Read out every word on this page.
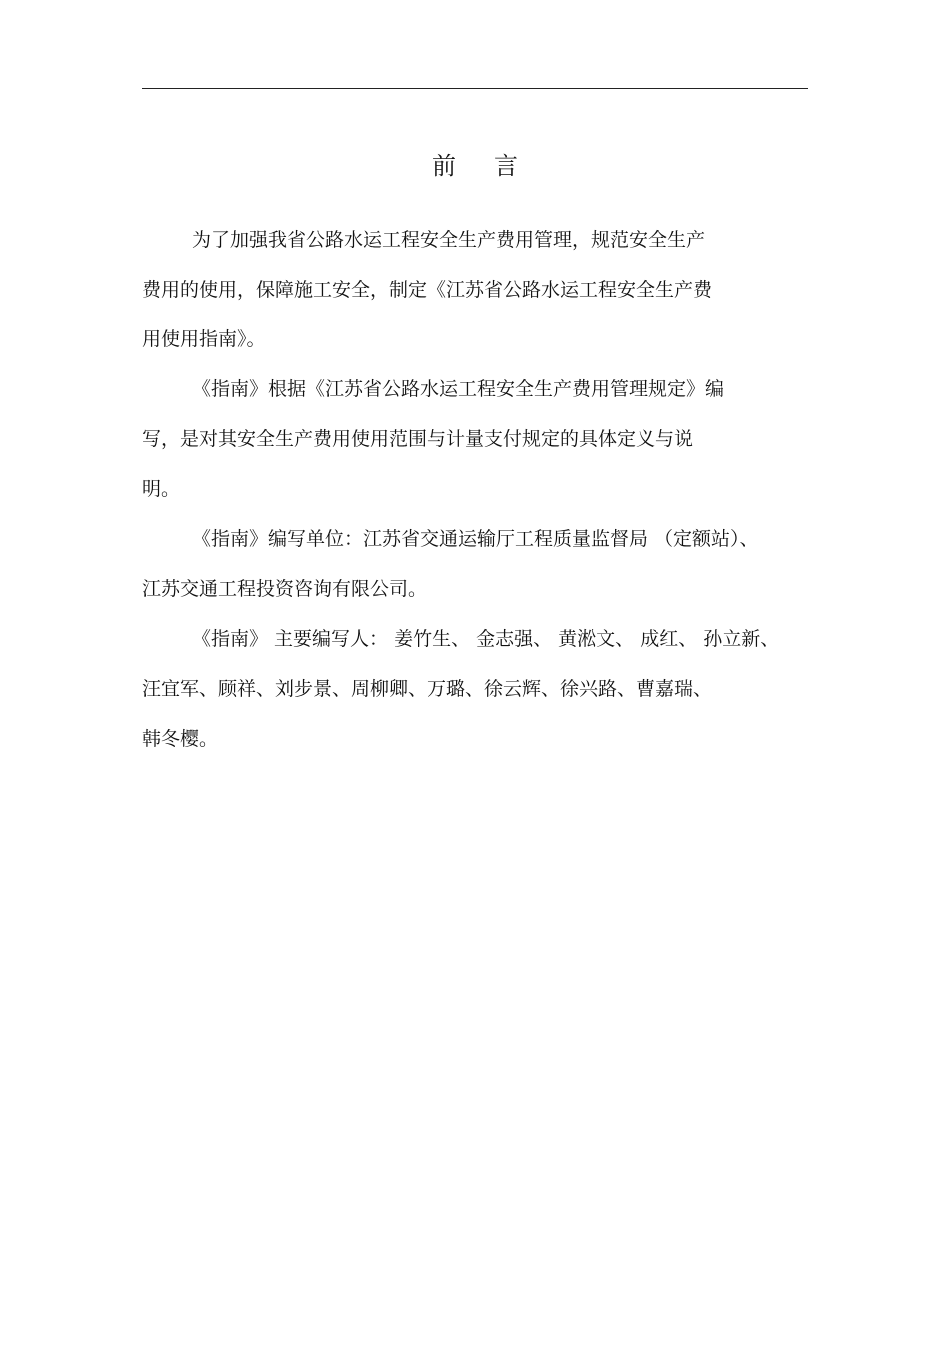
前 言
为了加强我省公路水运工程安全生产费用管理，规范安全生产
费用的使用，保障施工安全，制定《江苏省公路水运工程安全生产费
用使用指南》。
《指南》根据《江苏省公路水运工程安全生产费用管理规定》编
写，是对其安全生产费用使用范围与计量支付规定的具体定义与说
明。
《指南》编写单位：江苏省交通运输厅工程质量监督局 （定额站）、
江苏交通工程投资咨询有限公司。
《指南》 主要编写人： 姜竹生、 金志强、 黄淞文、 成红、 孙立新、
汪宜军、顾祥、刘步景、周柳卿、万璐、徐云辉、徐兴路、曹嘉瑞、
韩冬樱。
